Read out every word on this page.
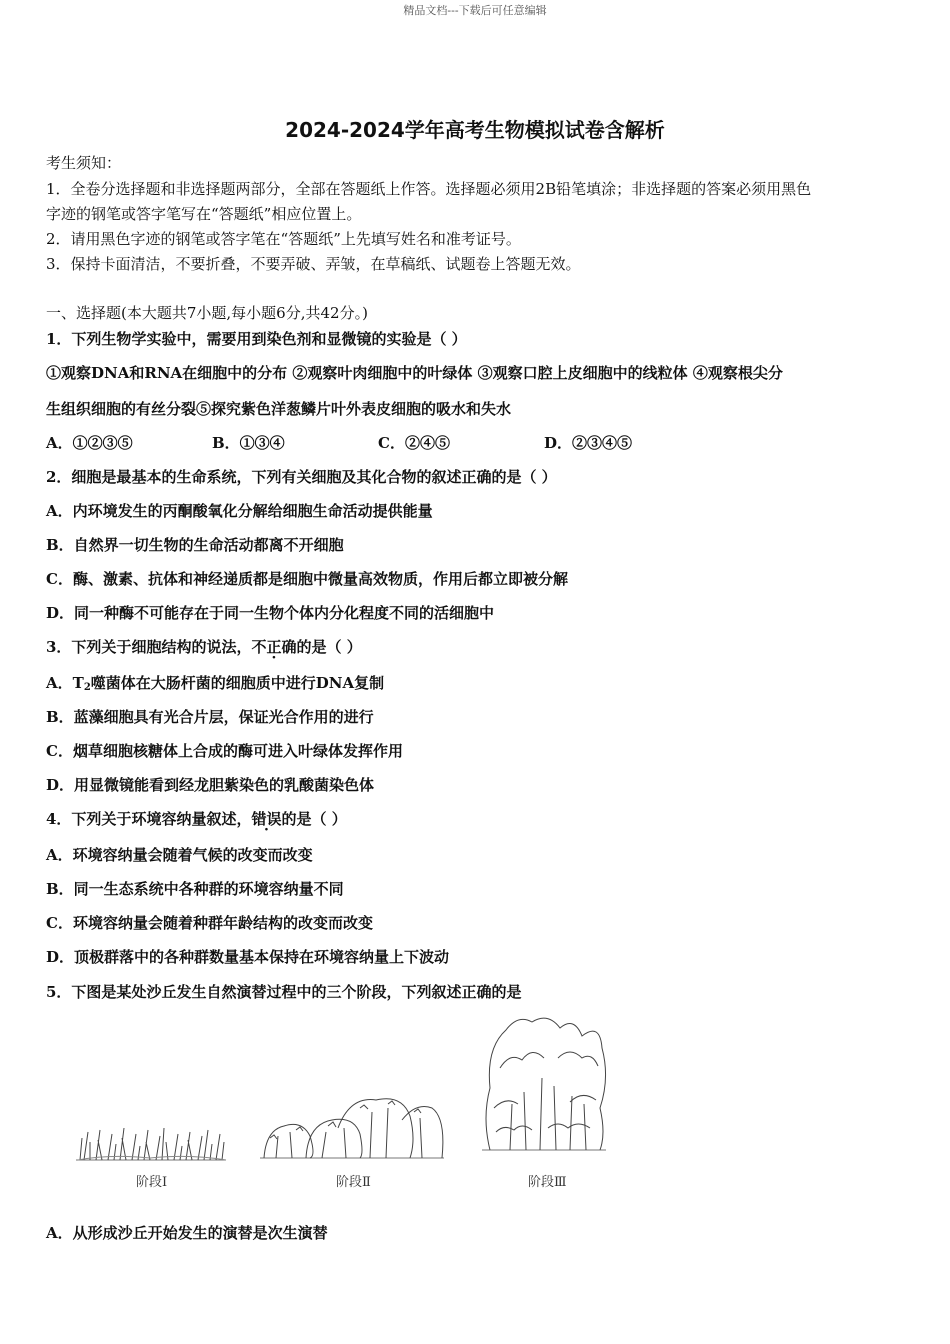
精品文档---下载后可任意编辑
2024-2024学年高考生物模拟试卷含解析
考生须知：
1．全卷分选择题和非选择题两部分，全部在答题纸上作答。选择题必须用2B铅笔填涂；非选择题的答案必须用黑色
字迹的钢笔或答字笔写在“答题纸”相应位置上。
2．请用黑色字迹的钢笔或答字笔在“答题纸”上先填写姓名和准考证号。
3．保持卡面清洁，不要折叠，不要弄破、弄皱，在草稿纸、试题卷上答题无效。
一、选择题(本大题共7小题,每小题6分,共42分。)
1．下列生物学实验中，需要用到染色剂和显微镜的实验是（ ）
①观察DNA和RNA在细胞中的分布 ②观察叶肉细胞中的叶绿体 ③观察口腔上皮细胞中的线粒体 ④观察根尖分
生组织细胞的有丝分裂⑤探究紫色洋葱鳞片叶外表皮细胞的吸水和失水
A．①②③⑤	B．①③④	C．②④⑤	D．②③④⑤
2．细胞是最基本的生命系统，下列有关细胞及其化合物的叙述正确的是（ ）
A．内环境发生的丙酮酸氧化分解给细胞生命活动提供能量
B．自然界一切生物的生命活动都离不开细胞
C．酶、激素、抗体和神经递质都是细胞中微量高效物质，作用后都立即被分解
D．同一种酶不可能存在于同一生物个体内分化程度不同的活细胞中
3．下列关于细胞结构的说法，不正确的是（ ）
A．$T_2$噬菌体在大肠杆菌的细胞质中进行DNA复制
B．蓝藻细胞具有光合片层，保证光合作用的进行
C．烟草细胞核糖体上合成的酶可进入叶绿体发挥作用
D．用显微镜能看到经龙胆紫染色的乳酸菌染色体
4．下列关于环境容纳量叙述，错误的是（ ）
A．环境容纳量会随着气候的改变而改变
B．同一生态系统中各种群的环境容纳量不同
C．环境容纳量会随着种群年龄结构的改变而改变
D．顶极群落中的各种群数量基本保持在环境容纳量上下波动
5．下图是某处沙丘发生自然演替过程中的三个阶段，下列叙述正确的是
阶段Ⅰ	阶段Ⅱ	阶段Ⅲ
A．从形成沙丘开始发生的演替是次生演替
